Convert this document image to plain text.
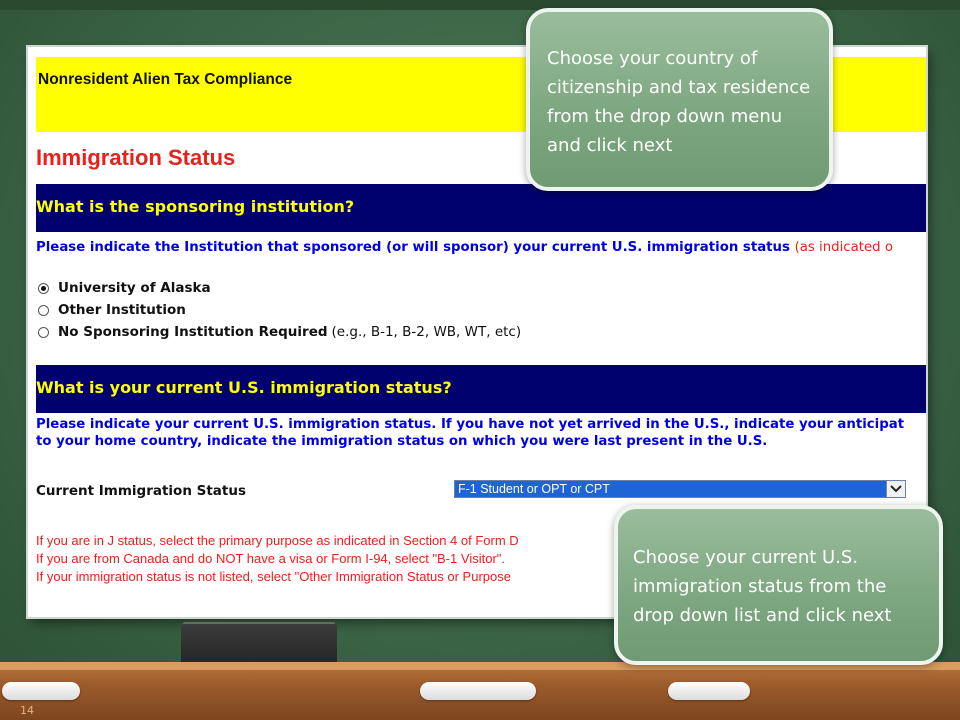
Nonresident Alien Tax Compliance
Immigration Status
What is the sponsoring institution?
Please indicate the Institution that sponsored (or will sponsor) your current U.S. immigration status (as indicated o
University of Alaska
Other Institution
No Sponsoring Institution Required (e.g., B-1, B-2, WB, WT, etc)
What is your current U.S. immigration status?
Please indicate your current U.S. immigration status. If you have not yet arrived in the U.S., indicate your anticipat
to your home country, indicate the immigration status on which you were last present in the U.S.
Current Immigration Status	F-1 Student or OPT or CPT
If you are in J status, select the primary purpose as indicated in Section 4 of Form D
If you are from Canada and do NOT have a visa or Form I-94, select "B-1 Visitor".
If your immigration status is not listed, select "Other Immigration Status or Purpose
Choose your country of citizenship and tax residence from the drop down menu and click next
Choose your current U.S. immigration status from the drop down list and click next
14
